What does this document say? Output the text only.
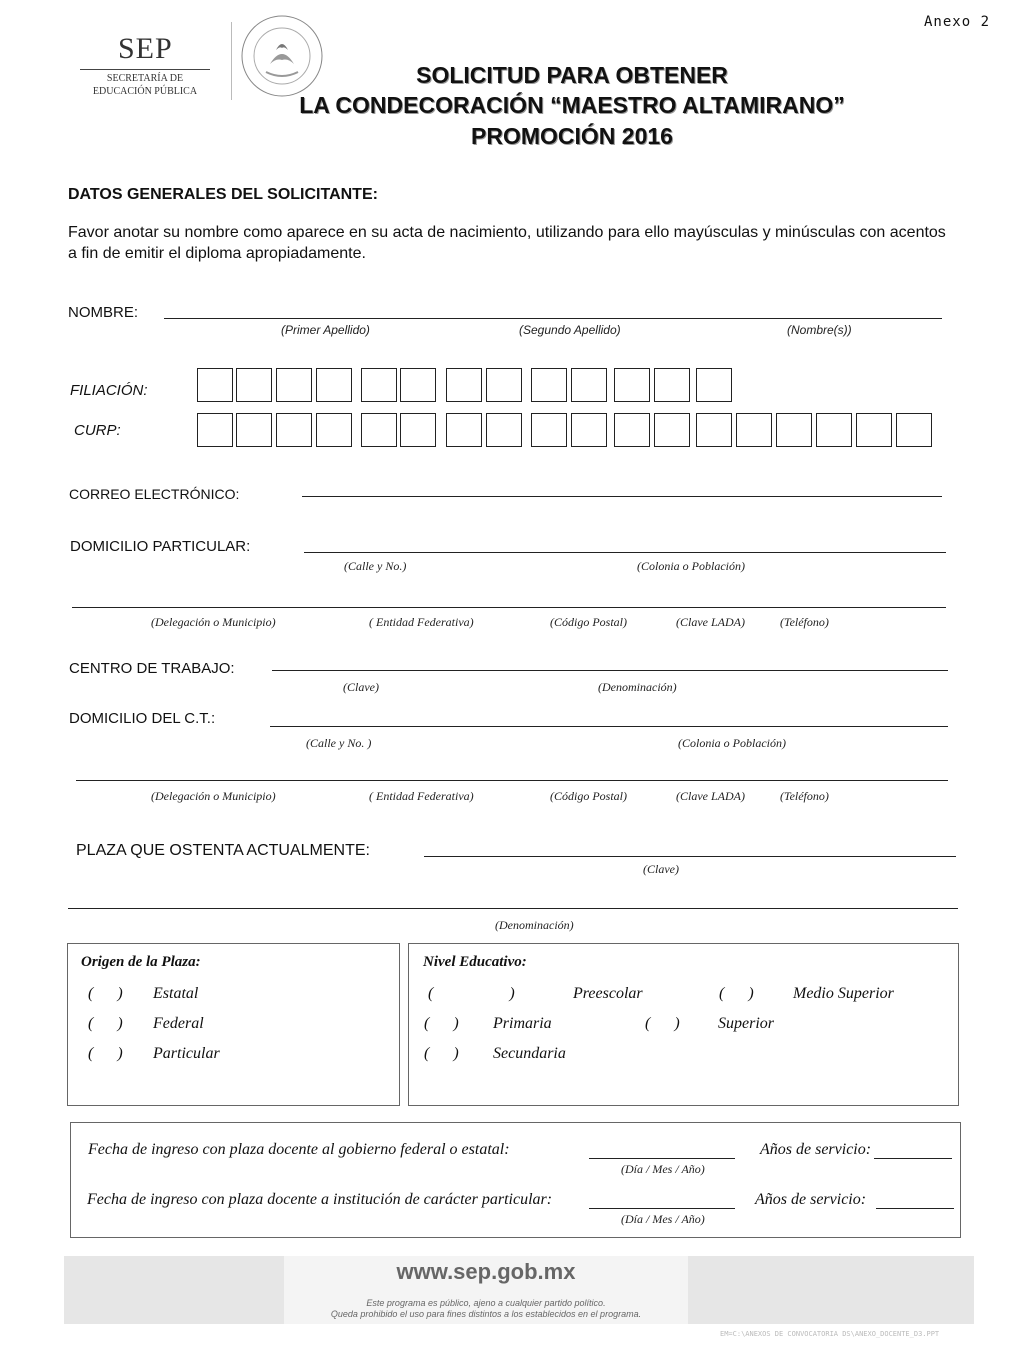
Anexo 2
SEP
SECRETARÍA DE
EDUCACIÓN PÚBLICA
SOLICITUD PARA OBTENER
LA CONDECORACIÓN “MAESTRO ALTAMIRANO”
PROMOCIÓN 2016
DATOS GENERALES DEL SOLICITANTE:
Favor anotar su nombre como aparece en su acta de nacimiento, utilizando para ello mayúsculas y minúsculas con acentos a fin de emitir el diploma apropiadamente.
NOMBRE:
(Primer Apellido)	(Segundo Apellido)	(Nombre(s))
FILIACIÓN:
CURP:
CORREO ELECTRÓNICO:
DOMICILIO PARTICULAR:
(Calle y No.)	(Colonia o Población)
(Delegación o Municipio)	( Entidad Federativa)	(Código Postal)	(Clave LADA)	(Teléfono)
CENTRO DE TRABAJO:
(Clave)	(Denominación)
DOMICILIO DEL C.T.:
(Calle y No. )	(Colonia o Población)
(Delegación o Municipio)	( Entidad Federativa)	(Código Postal)	(Clave LADA)	(Teléfono)
PLAZA QUE OSTENTA ACTUALMENTE:
(Clave)
(Denominación)
Origen de la Plaza:
(      ) Estatal
(      ) Federal
(      ) Particular
Nivel Educativo:
(                   )	Preescolar	(      ) Medio Superior
(      ) Primaria	(      ) Superior
(      ) Secundaria
Fecha de ingreso con plaza docente al gobierno federal o estatal:
(Día / Mes / Año)
Años de servicio:
Fecha de ingreso con plaza docente a institución de carácter particular:
(Día / Mes / Año)
Años de servicio:
www.sep.gob.mx
Este programa es público, ajeno a cualquier partido político.
Queda prohibido el uso para fines distintos a los establecidos en el programa.
EM=C:\ANEXOS DE CONVOCATORIA DS\ANEXO_DOCENTE_D3.PPT
